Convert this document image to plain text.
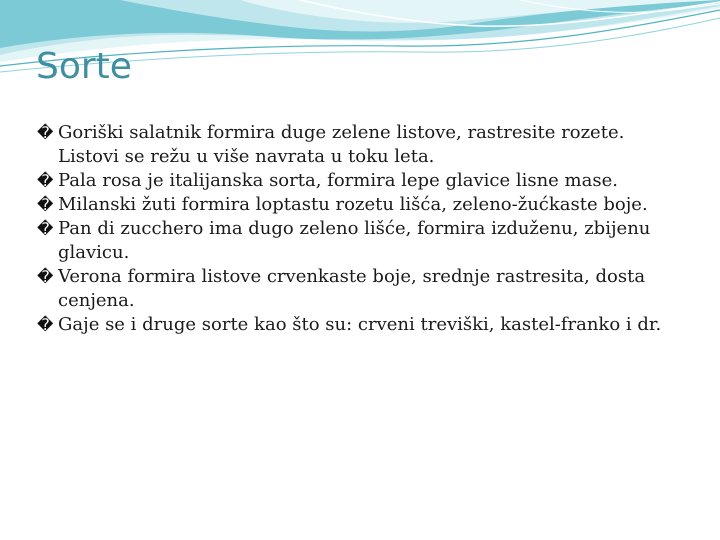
Sorte
� Goriški salatnik formira duge zelene listove, rastresite rozete. Listovi se režu u više navrata u toku leta.
� Pala rosa je italijanska sorta, formira lepe glavice lisne mase.
� Milanski žuti formira loptastu rozetu lišća, zeleno-žućkaste boje.
� Pan di zucchero ima dugo zeleno lišće, formira izduženu, zbijenu glavicu.
� Verona formira listove crvenkaste boje, srednje rastresita, dosta cenjena.
� Gaje se i druge sorte kao što su: crveni treviški, kastel-franko i dr.
